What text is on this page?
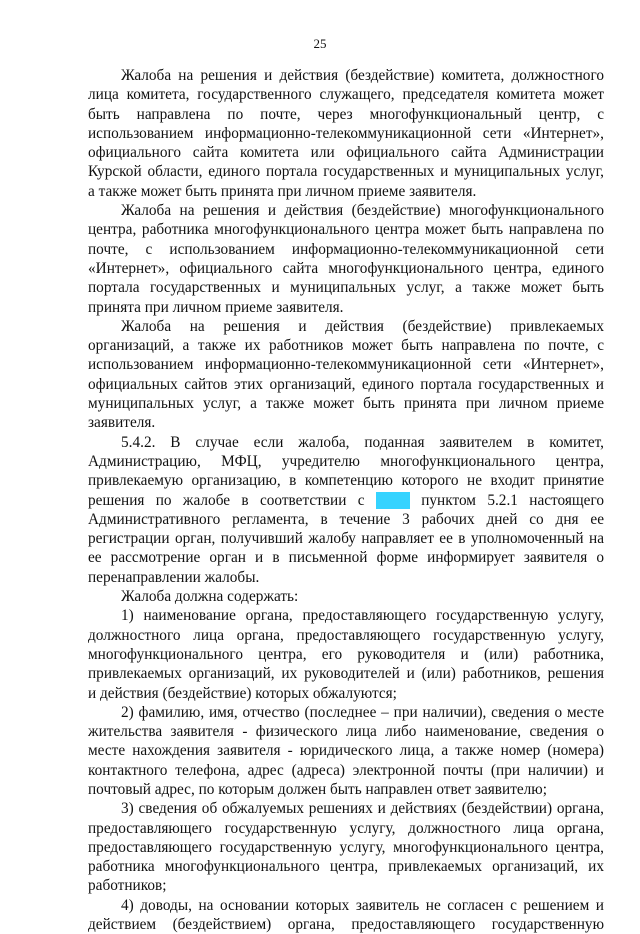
25
Жалоба на решения и действия (бездействие) комитета, должностного
лица комитета, государственного служащего, председателя комитета может
быть направлена по почте, через многофункциональный центр, с
использованием информационно-телекоммуникационной сети «Интернет»,
официального сайта комитета или официального сайта Администрации
Курской области, единого портала государственных и муниципальных услуг,
а также может быть принята при личном приеме заявителя.
Жалоба на решения и действия (бездействие) многофункционального
центра, работника многофункционального центра может быть направлена по
почте, с использованием информационно-телекоммуникационной сети
«Интернет», официального сайта многофункционального центра, единого
портала государственных и муниципальных услуг, а также может быть
принята при личном приеме заявителя.
Жалоба на решения и действия (бездействие) привлекаемых
организаций, а также их работников может быть направлена по почте, с
использованием информационно-телекоммуникационной сети «Интернет»,
официальных сайтов этих организаций, единого портала государственных и
муниципальных услуг, а также может быть принята при личном приеме
заявителя.
5.4.2. В случае если жалоба, поданная заявителем в комитет,
Администрацию, МФЦ, учредителю многофункционального центра,
привлекаемую организацию, в компетенцию которого не входит принятие
решения по жалобе в соответствии с	пунктом 5.2.1 настоящего
Административного регламента, в течение 3 рабочих дней со дня ее
регистрации орган, получивший жалобу направляет ее в уполномоченный на
ее рассмотрение орган и в письменной форме информирует заявителя о
перенаправлении жалобы.
Жалоба должна содержать:
1) наименование органа, предоставляющего государственную услугу,
должностного лица органа, предоставляющего государственную услугу,
многофункционального центра, его руководителя и (или) работника,
привлекаемых организаций, их руководителей и (или) работников, решения
и действия (бездействие) которых обжалуются;
2) фамилию, имя, отчество (последнее – при наличии), сведения о месте
жительства заявителя - физического лица либо наименование, сведения о
месте нахождения заявителя - юридического лица, а также номер (номера)
контактного телефона, адрес (адреса) электронной почты (при наличии) и
почтовый адрес, по которым должен быть направлен ответ заявителю;
3) сведения об обжалуемых решениях и действиях (бездействии) органа,
предоставляющего государственную услугу, должностного лица органа,
предоставляющего государственную услугу, многофункционального центра,
работника многофункционального центра, привлекаемых организаций, их
работников;
4) доводы, на основании которых заявитель не согласен с решением и
действием (бездействием) органа, предоставляющего государственную
